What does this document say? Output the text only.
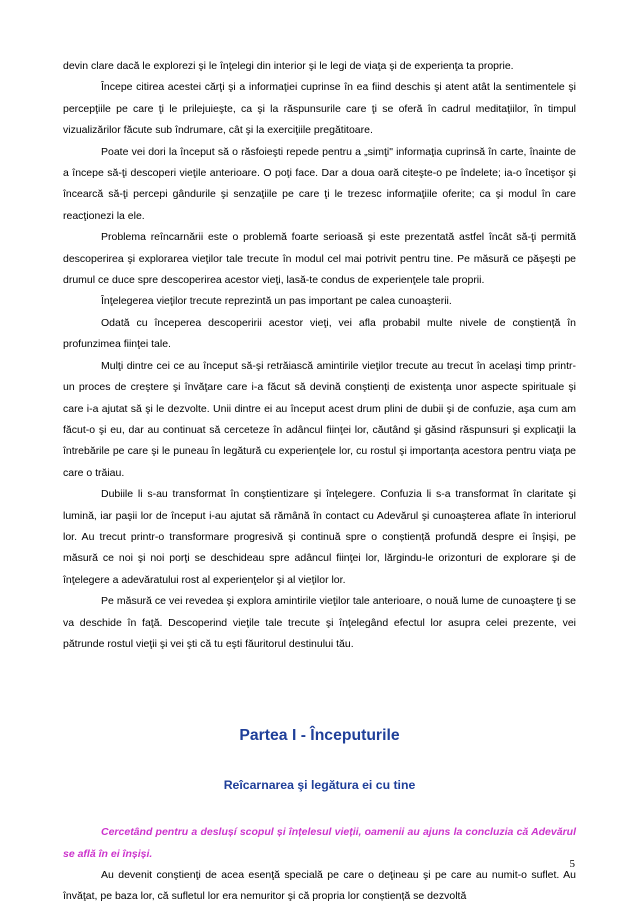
devin clare dacă le explorezi şi le înţelegi din interior şi le legi de viaţa şi de experienţa ta proprie.

Începe citirea acestei cărţi şi a informaţiei cuprinse în ea fiind deschis şi atent atât la sentimentele şi percepţiile pe care ţi le prilejuieşte, ca şi la răspunsurile care ţi se oferă în cadrul meditaţiilor, în timpul vizualizărilor făcute sub îndrumare, cât şi la exerciţiile pregătitoare.

Poate vei dori la început să o răsfoieşti repede pentru a „simţi" informaţia cuprinsă în carte, înainte de a începe să-ţi descoperi vieţile anterioare. O poţi face. Dar a doua oară citeşte-o pe îndelete; ia-o încetişor şi încearcă să-ţi percepi gândurile şi senzaţiile pe care ţi le trezesc informaţiile oferite; ca şi modul în care reacţionezi la ele.

Problema reîncarnării este o problemă foarte serioasă şi este prezentată astfel încât să-ţi permită descoperirea şi explorarea vieţilor tale trecute în modul cel mai potrivit pentru tine. Pe măsură ce păşeşti pe drumul ce duce spre descoperirea acestor vieţi, lasă-te condus de experienţele tale proprii.

Înţelegerea vieţilor trecute reprezintă un pas important pe calea cunoaşterii.

Odată cu începerea descoperirii acestor vieţi, vei afla probabil multe nivele de conștiență în profunzimea fiinţei tale.

Mulţi dintre cei ce au început să-şi retrăiască amintirile vieţilor trecute au trecut în acelaşi timp printr-un proces de creştere şi învăţare care i-a făcut să devină conştienţi de existenţa unor aspecte spirituale şi care i-a ajutat să şi le dezvolte. Unii dintre ei au început acest drum plini de dubii şi de confuzie, aşa cum am făcut-o şi eu, dar au continuat să cerceteze în adâncul fiinţei lor, căutând şi găsind răspunsuri şi explicaţii la întrebările pe care şi le puneau în legătură cu experienţele lor, cu rostul şi importanța acestora pentru viaţa pe care o trăiau.

Dubiile li s-au transformat în conştientizare şi înţelegere. Confuzia li s-a transformat în claritate şi lumină, iar paşii lor de început i-au ajutat să rămână în contact cu Adevărul şi cunoaşterea aflate în interiorul lor. Au trecut printr-o transformare progresivă şi continuă spre o conștiență profundă despre ei înşişi, pe măsură ce noi şi noi porţi se deschideau spre adâncul fiinţei lor, lărgindu-le orizonturi de explorare şi de înţelegere a adevăratului rost al experienţelor şi al vieţilor lor.

Pe măsură ce vei revedea şi explora amintirile vieţilor tale anterioare, o nouă lume de cunoaştere ţi se va deschide în faţă. Descoperind vieţile tale trecute şi înţelegând efectul lor asupra celei prezente, vei pătrunde rostul vieţii şi vei şti că tu eşti făuritorul destinului tău.

Partea I - Începuturile
Reîcarnarea şi legătura ei cu tine

Cercetând pentru a deslușí scopul și înțelesul vieții, oamenii au ajuns la concluzia că Adevărul se află în ei înșiși.

Au devenit conştienţi de acea esenţă specială pe care o deţineau şi pe care au numit-o suflet. Au învăţat, pe baza lor, că sufletul lor era nemuritor şi că propria lor conștiență se dezvoltă

5
